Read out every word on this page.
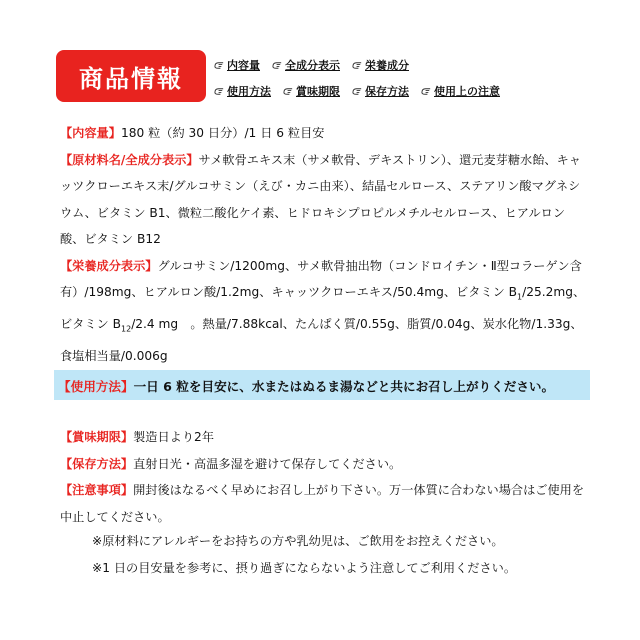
商品情報	内容量 全成分表示 栄養成分
使用方法 賞味期限 保存方法 使用上の注意
【内容量】180 粒（約 30 日分）/1 日 6 粒目安
【原材料名/全成分表示】サメ軟骨エキス末（サメ軟骨、デキストリン）、還元麦芽糖水飴、キャッツクローエキス末/グルコサミン（えび・カニ由来）、結晶セルロース、ステアリン酸マグネシウム、ビタミン B1、微粒二酸化ケイ素、ヒドロキシプロピルメチルセルロース、ヒアルロン酸、ビタミン B12
【栄養成分表示】グルコサミン/1200mg、サメ軟骨抽出物（コンドロイチン・Ⅱ型コラーゲン含有）/198mg、ヒアルロン酸/1.2mg、キャッツクローエキス/50.4mg、ビタミン $B_1/25.2mg$、ビタミン $B_{12}/2.4$ mg　。熱量/7.88kcal、たんぱく質/0.55g、脂質/0.04g、炭水化物/1.33g、食塩相当量/0.006g
【使用方法】 一日 6 粒を目安に、水またはぬるま湯などと共にお召し上がりください。
【賞味期限】製造日より2年
【保存方法】直射日光・高温多湿を避けて保存してください。
【注意事項】開封後はなるべく早めにお召し上がり下さい。万一体質に合わない場合はご使用を中止してください。
※原材料にアレルギーをお持ちの方や乳幼児は、ご飲用をお控えください。
※1 日の目安量を参考に、摂り過ぎにならないよう注意してご利用ください。
